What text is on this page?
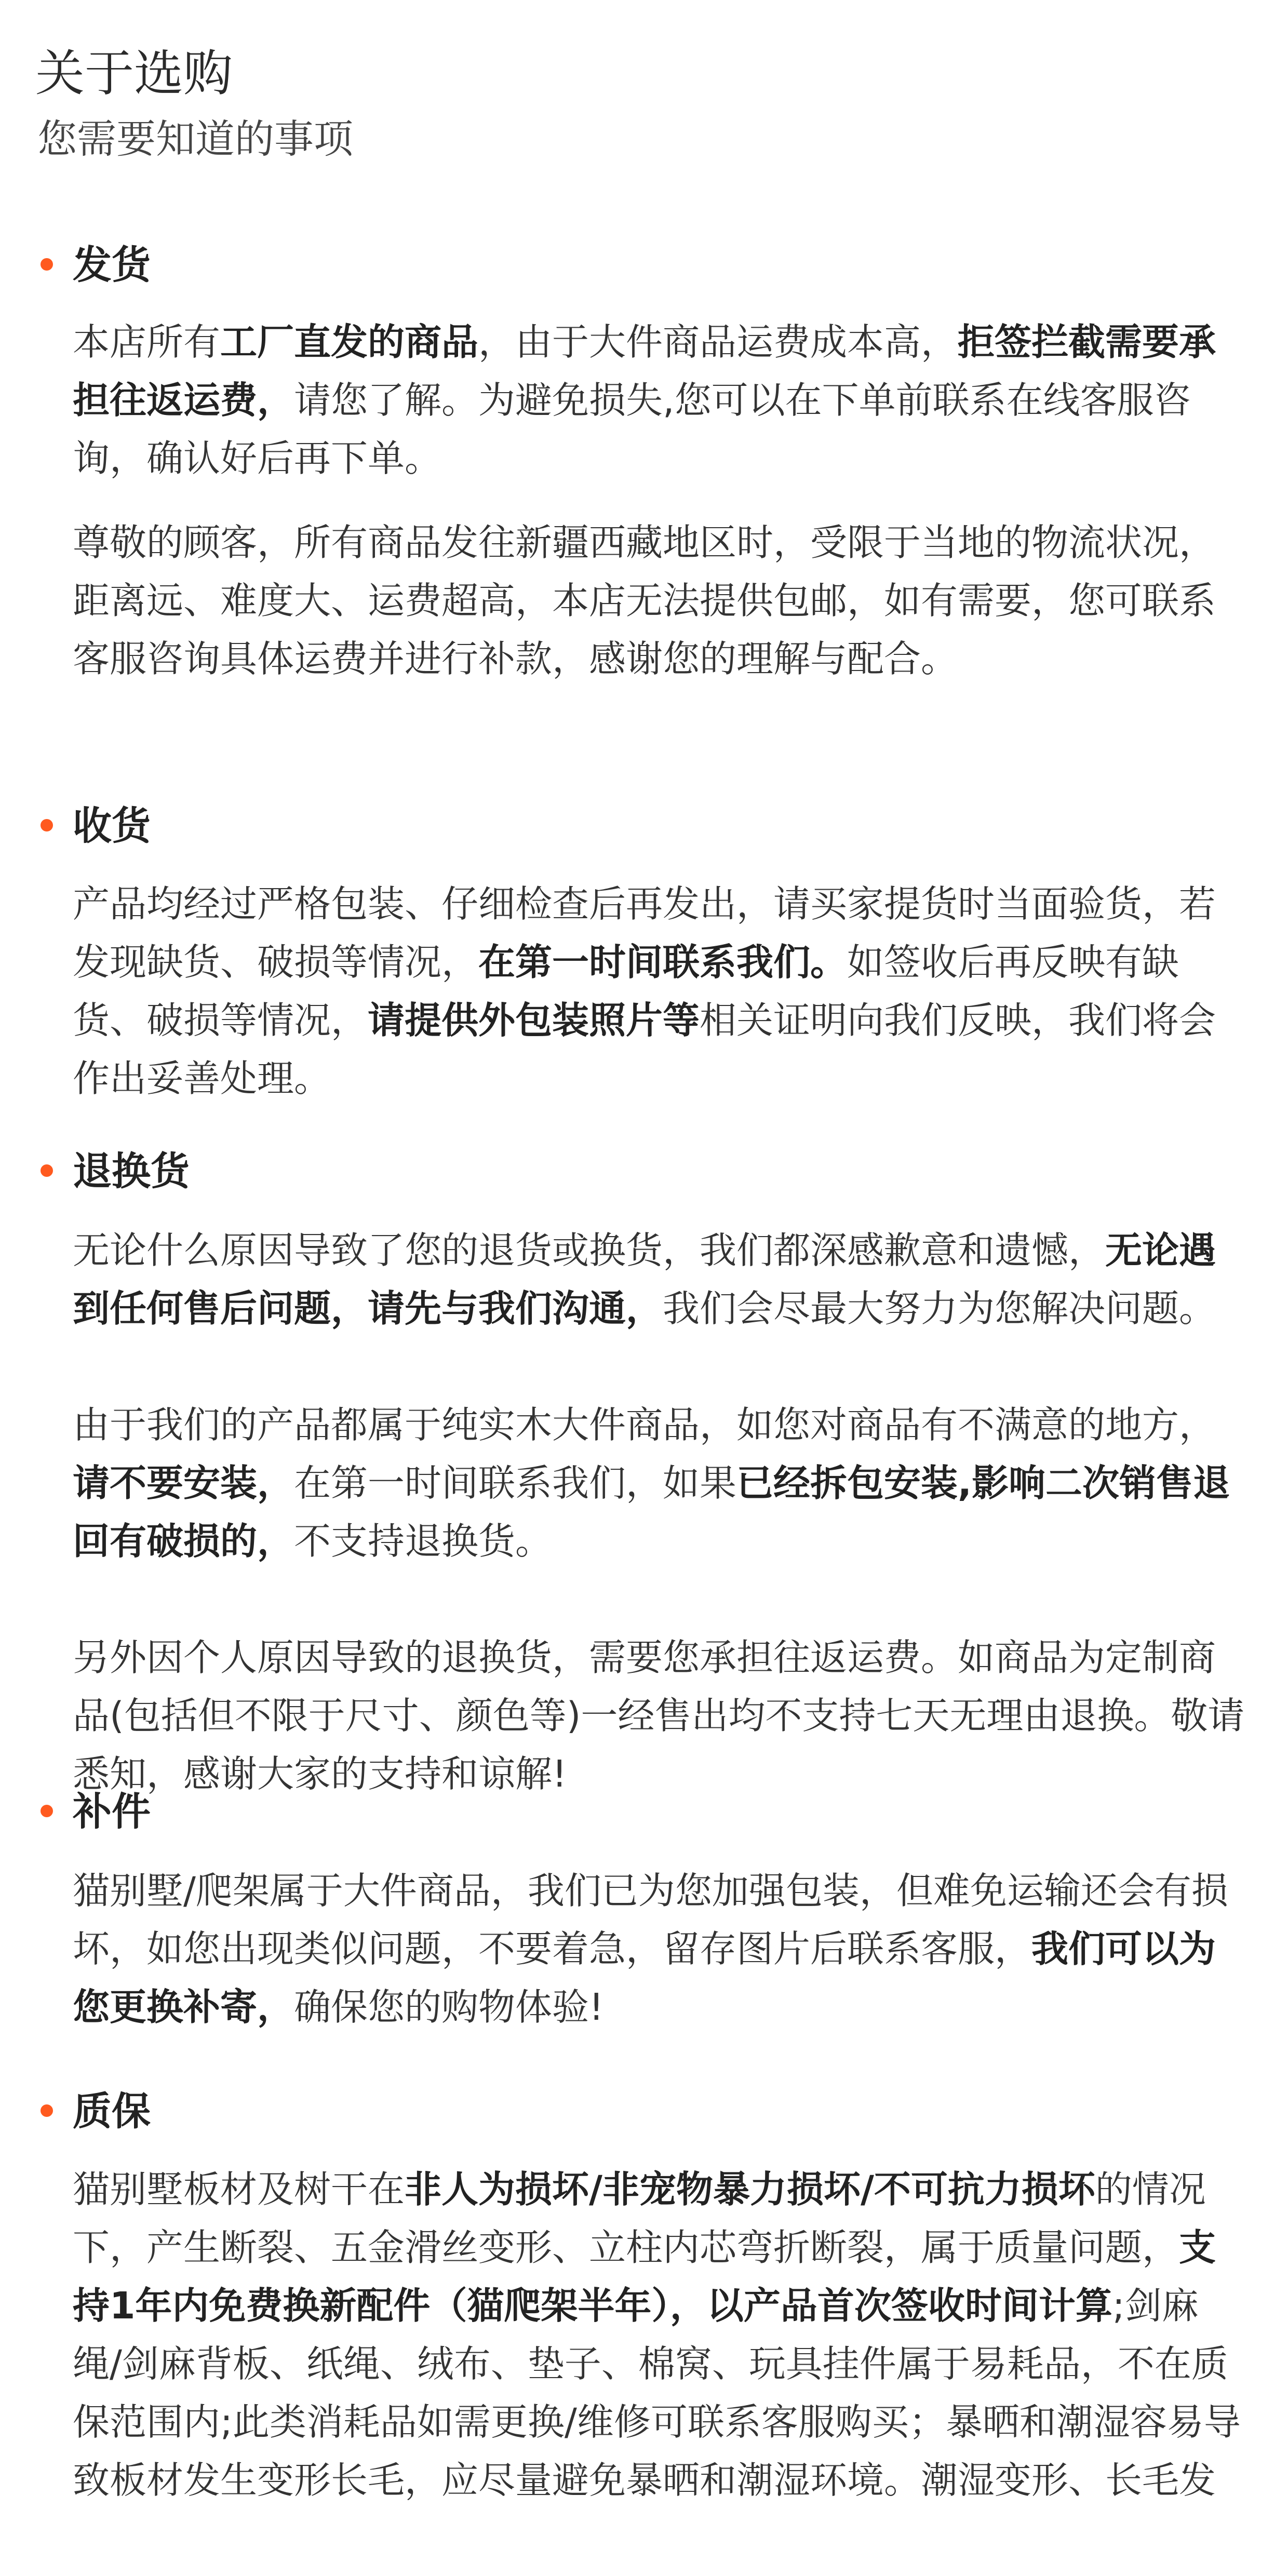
关于选购
您需要知道的事项
发货
本店所有工厂直发的商品，由于大件商品运费成本高，拒签拦截需要承担往返运费，请您了解。为避免损失,您可以在下单前联系在线客服咨询，确认好后再下单。
尊敬的顾客，所有商品发往新疆西藏地区时，受限于当地的物流状况，距离远、难度大、运费超高，本店无法提供包邮，如有需要，您可联系客服咨询具体运费并进行补款，感谢您的理解与配合。
收货
产品均经过严格包装、仔细检查后再发出，请买家提货时当面验货，若发现缺货、破损等情况，在第一时间联系我们。如签收后再反映有缺货、破损等情况，请提供外包装照片等相关证明向我们反映，我们将会作出妥善处理。
退换货
无论什么原因导致了您的退货或换货，我们都深感歉意和遗憾，无论遇到任何售后问题，请先与我们沟通，我们会尽最大努力为您解决问题。
由于我们的产品都属于纯实木大件商品，如您对商品有不满意的地方，请不要安装，在第一时间联系我们，如果已经拆包安装,影响二次销售退回有破损的，不支持退换货。
另外因个人原因导致的退换货，需要您承担往返运费。如商品为定制商品(包括但不限于尺寸、颜色等)一经售出均不支持七天无理由退换。敬请悉知，感谢大家的支持和谅解!
补件
猫别墅/爬架属于大件商品，我们已为您加强包装，但难免运输还会有损坏，如您出现类似问题，不要着急，留存图片后联系客服，我们可以为您更换补寄，确保您的购物体验!
质保
猫别墅板材及树干在非人为损坏/非宠物暴力损坏/不可抗力损坏的情况下，产生断裂、五金滑丝变形、立柱内芯弯折断裂，属于质量问题，支持1年内免费换新配件（猫爬架半年），以产品首次签收时间计算;剑麻绳/剑麻背板、纸绳、绒布、垫子、棉窝、玩具挂件属于易耗品，不在质保范围内;此类消耗品如需更换/维修可联系客服购买；暴晒和潮湿容易导致板材发生变形长毛，应尽量避免暴晒和潮湿环境。潮湿变形、长毛发
